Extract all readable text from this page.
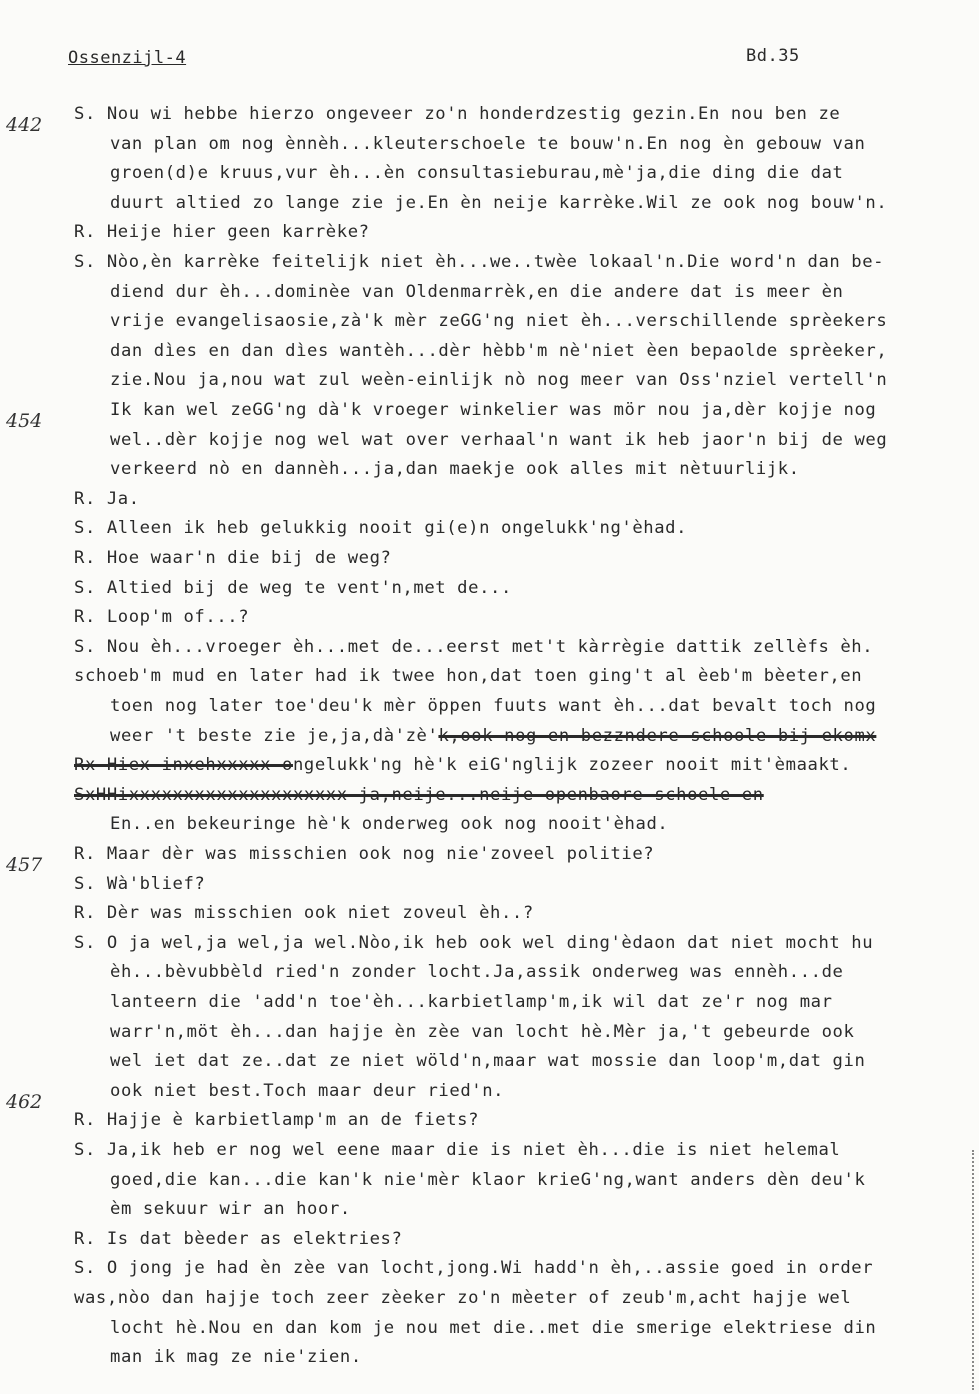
Ossenzijl-4	Bd.35
S. Nou wi hebbe hierzo ongeveer zo'n honderdzestig gezin.En nou ben ze
van plan om nog ènnèh...kleuterschoele te bouw'n.En nog èn gebouw van
groen(d)e kruus,vur èh...èn consultasieburau,mè'ja,die ding die dat
duurt altied zo lange zie je.En èn neije karrèke.Wil ze ook nog bouw'n.
R. Heije hier geen karrèke?
S. Nòo,èn karrèke feitelijk niet èh...we..twèe lokaal'n.Die word'n dan be-
diend dur èh...dominèe van Oldenmarrèk,en die andere dat is meer èn
vrije evangelisaosie,zà'k mèr zeGG'ng niet èh...verschillende sprèekers
dan dìes en dan dìes wantèh...dèr hèbb'm nè'niet èen bepaolde sprèeker,
zie.Nou ja,nou wat zul weèn-einlijk nò nog meer van Oss'nziel vertell'n
Ik kan wel zeGG'ng dà'k vroeger winkelier was mör nou ja,dèr kojje nog
wel..dèr kojje nog wel wat over verhaal'n want ik heb jaor'n bij de weg
verkeerd nò en dannèh...ja,dan maekje ook alles mit nètuurlijk.
R. Ja.
S. Alleen ik heb gelukkig nooit gi(e)n ongelukk'ng'èhad.
R. Hoe waar'n die bij de weg?
S. Altied bij de weg te vent'n,met de...
R. Loop'm of...?
S. Nou èh...vroeger èh...met de...eerst met't kàrrègie dattik zellèfs èh.
schoeb'm mud en later had ik twee hon,dat toen ging't al èeb'm bèeter,en
toen nog later toe'deu'k mèr öppen fuuts want èh...dat bevalt toch nog
weer 't beste zie je,ja,dà'zè'k,ook nog en bezzndere schoole bij ekomx
Rx Hiex inxehxxxxx ongelukk'ng hè'k eiG'nglijk zozeer nooit mit'èmaakt.
SxHHixxxxxxxxxxxxxxxxxxxx ja,neije...neije openbaore schoele en
En..en bekeuringe hè'k onderweg ook nog nooit'èhad.
R. Maar dèr was misschien ook nog nie'zoveel politie?
S. Wà'blief?
R. Dèr was misschien ook niet zoveul èh..?
S. O ja wel,ja wel,ja wel.Nòo,ik heb ook wel ding'èdaon dat niet mocht hu
èh...bèvubbèld ried'n zonder locht.Ja,assik onderweg was ennèh...de
lanteern die 'add'n toe'èh...karbietlamp'm,ik wil dat ze'r nog mar
warr'n,möt èh...dan hajje èn zèe van locht hè.Mèr ja,'t gebeurde ook
wel iet dat ze..dat ze niet wöld'n,maar wat mossie dan loop'm,dat gin
ook niet best.Toch maar deur ried'n.
R. Hajje è karbietlamp'm an de fiets?
S. Ja,ik heb er nog wel eene maar die is niet èh...die is niet helemal
goed,die kan...die kan'k nie'mèr klaor krieG'ng,want anders dèn deu'k
èm sekuur wir an hoor.
R. Is dat bèeder as elektries?
S. O jong je had èn zèe van locht,jong.Wi hadd'n èh,..assie goed in order
was,nòo dan hajje toch zeer zèeker zo'n mèeter of zeub'm,acht hajje wel
locht hè.Nou en dan kom je nou met die..met die smerige elektriese din
man ik mag ze nie'zien.
442
454
457
462
